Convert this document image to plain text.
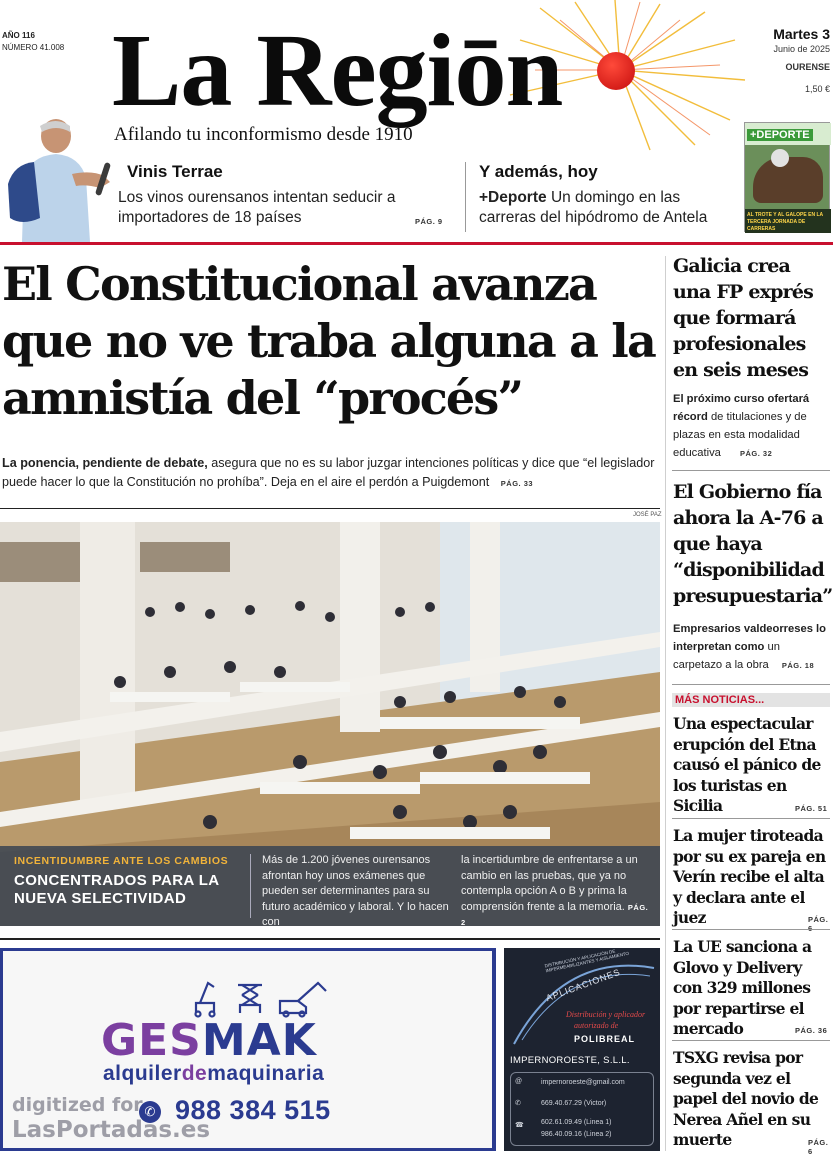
AÑO 116
NÚMERO 41.008 La Regiōn
Afilando tu inconformismo desde 1910
Martes 3
Junio de 2025
OURENSE
1,50 €
+DEPORTE
AL TROTE Y AL GALOPE EN LA TERCERA JORNADA DE CARRERAS
Vinis Terrae
Los vinos ourensanos intentan seducir a importadores de 18 países	PÁG. 9
Y además, hoy
+Deporte Un domingo en las carreras del hipódromo de Antela
El Constitucional avanza que no ve traba alguna a la amnistía del “procés”
La ponencia, pendiente de debate, asegura que no es su labor juzgar intenciones políticas y dice que “el legislador puede hacer lo que la Constitución no prohíba”. Deja en el aire el perdón a Puigdemont PÁG. 33
JOSÉ PAZ
INCENTIDUMBRE ANTE LOS CAMBIOS
CONCENTRADOS PARA LA NUEVA SELECTIVIDAD
Más de 1.200 jóvenes ourensanos afrontan hoy unos exámenes que pueden ser determinantes para su futuro académico y laboral. Y lo hacen con
la incertidumbre de enfrentarse a un cambio en las pruebas, que ya no contempla opción A o B y prima la comprensión frente a la memoria. PÁG. 2
Galicia crea una FP exprés que formará profesionales en seis meses
El próximo curso ofertará récord de titulaciones y de plazas en esta modalidad educativa	PÁG. 32
El Gobierno fía ahora la A-76 a que haya “disponibilidad presupuestaria”
Empresarios valdeorreses lo interpretan como un carpetazo a la obra PÁG. 18
MÁS NOTICIAS...
Una espectacular erupción del Etna causó el pánico de los turistas en Sicilia	PÁG. 51
La mujer tiroteada por su ex pareja en Verín recibe el alta y declara ante el juez	PÁG.
La UE sanciona a Glovo y Delivery con 329 millones por repartirse el mercado	PÁG. 36
TSXG revisa por segunda vez el papel del novio de Nerea Añel en su muerte	PÁG. 6
GESMAK
alquilerdemaquinaria
✆ 988 384 515
DISTRIBUCIÓN Y APLICACIÓN DE IMPERMEABILIZANTES Y AISLAMIENTO
APLICACIONES
Distribución y aplicador
autorizado de
POLIBREAL
IMPERNOROESTE, S.L.L.
@	impernoroeste@gmail.com
✆	669.40.67.29 (Victor)
☎ 602.61.09.49 (Linea 1)
986.40.09.16 (Linea 2)
digitized for
LasPortadas.es
